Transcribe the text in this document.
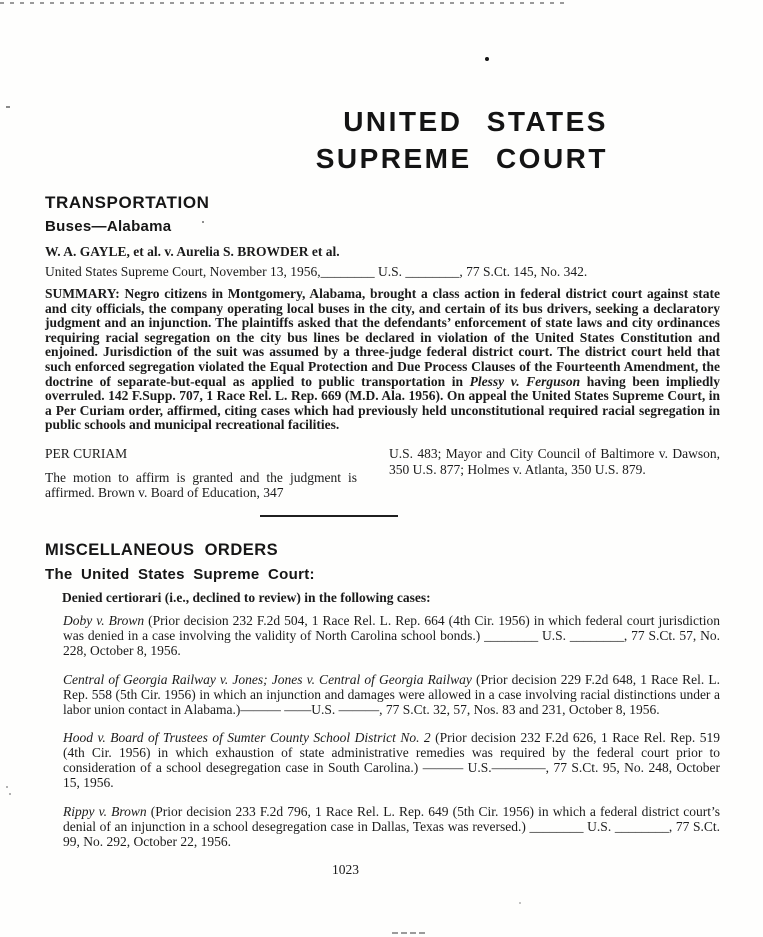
UNITED STATES
SUPREME COURT
TRANSPORTATION
Buses—Alabama
W. A. GAYLE, et al. v. Aurelia S. BROWDER et al.
United States Supreme Court, November 13, 1956,________ U.S. ________, 77 S.Ct. 145, No. 342.

SUMMARY: Negro citizens in Montgomery, Alabama, brought a class action in federal district court against state and city officials, the company operating local buses in the city, and certain of its bus drivers, seeking a declaratory judgment and an injunction. The plaintiffs asked that the defendants’ enforcement of state laws and city ordinances requiring racial segregation on the city bus lines be declared in violation of the United States Constitution and enjoined. Jurisdiction of the suit was assumed by a three-judge federal district court. The district court held that such enforced segregation violated the Equal Protection and Due Process Clauses of the Fourteenth Amendment, the doctrine of separate-but-equal as applied to public transportation in Plessy v. Ferguson having been impliedly overruled. 142 F.Supp. 707, 1 Race Rel. L. Rep. 669 (M.D. Ala. 1956). On appeal the United States Supreme Court, in a Per Curiam order, affirmed, citing cases which had previously held unconstitutional required racial segregation in public schools and municipal recreational facilities.

PER CURIAM
The motion to affirm is granted and the judgment is affirmed. Brown v. Board of Education, 347
U.S. 483; Mayor and City Council of Baltimore v. Dawson, 350 U.S. 877; Holmes v. Atlanta, 350 U.S. 879.
MISCELLANEOUS ORDERS
The United States Supreme Court:
Denied certiorari (i.e., declined to review) in the following cases:

Doby v. Brown (Prior decision 232 F.2d 504, 1 Race Rel. L. Rep. 664 (4th Cir. 1956) in which federal court jurisdiction was denied in a case involving the validity of North Carolina school bonds.) ________ U.S. ________, 77 S.Ct. 57, No. 228, October 8, 1956.

Central of Georgia Railway v. Jones; Jones v. Central of Georgia Railway (Prior decision 229 F.2d 648, 1 Race Rel. L. Rep. 558 (5th Cir. 1956) in which an injunction and damages were allowed in a case involving racial distinctions under a labor union contact in Alabama.)——— ——U.S. ———, 77 S.Ct. 32, 57, Nos. 83 and 231, October 8, 1956.

Hood v. Board of Trustees of Sumter County School District No. 2 (Prior decision 232 F.2d 626, 1 Race Rel. Rep. 519 (4th Cir. 1956) in which exhaustion of state administrative remedies was required by the federal court prior to consideration of a school desegregation case in South Carolina.) ——— U.S.————, 77 S.Ct. 95, No. 248, October 15, 1956.

Rippy v. Brown (Prior decision 233 F.2d 796, 1 Race Rel. L. Rep. 649 (5th Cir. 1956) in which a federal district court’s denial of an injunction in a school desegregation case in Dallas, Texas was reversed.) ________ U.S. ________, 77 S.Ct. 99, No. 292, October 22, 1956.

1023
